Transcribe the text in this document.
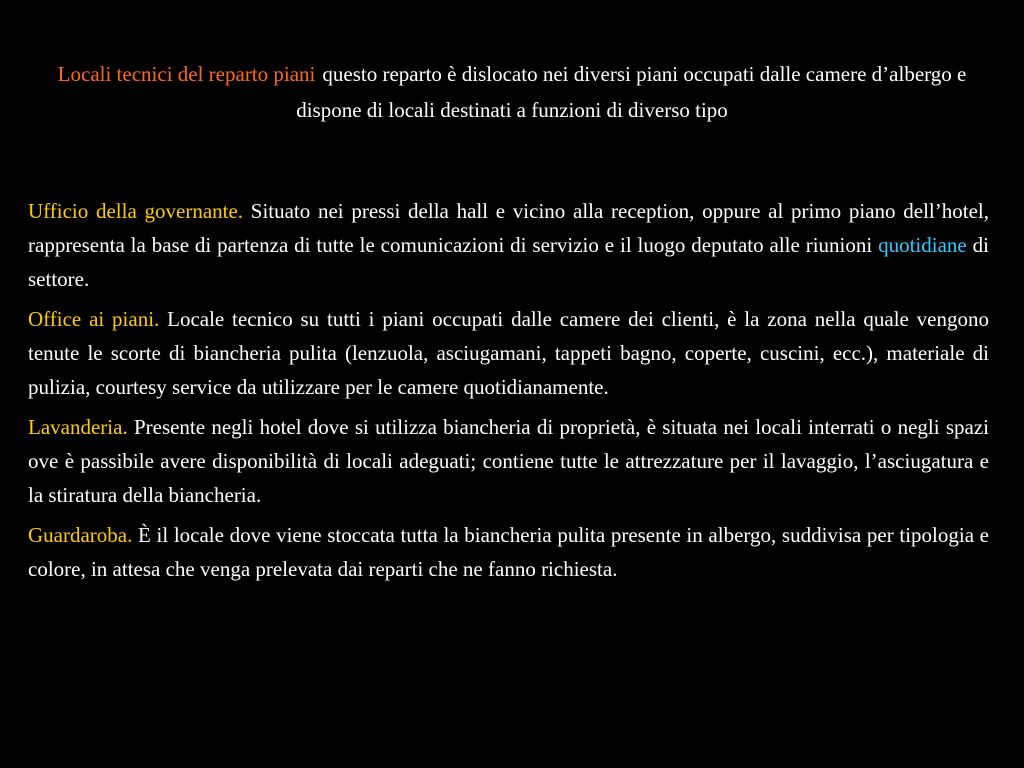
Locali tecnici del reparto piani questo reparto è dislocato nei diversi piani occupati dalle camere d’albergo e dispone di locali destinati a funzioni di diverso tipo

Ufficio della governante. Situato nei pressi della hall e vicino alla reception, oppure al primo piano dell’hotel, rappresenta la base di partenza di tutte le comunicazioni di servizio e il luogo deputato alle riunioni quotidiane di settore.

Office ai piani. Locale tecnico su tutti i piani occupati dalle camere dei clienti, è la zona nella quale vengono tenute le scorte di biancheria pulita (lenzuola, asciugamani, tappeti bagno, coperte, cuscini, ecc.), materiale di pulizia, courtesy service da utilizzare per le camere quotidianamente.

Lavanderia. Presente negli hotel dove si utilizza biancheria di proprietà, è situata nei locali interrati o negli spazi ove è passibile avere disponibilità di locali adeguati; contiene tutte le attrezzature per il lavaggio, l’asciugatura e la stiratura della biancheria.

Guardaroba. È il locale dove viene stoccata tutta la biancheria pulita presente in albergo, suddivisa per tipologia e colore, in attesa che venga prelevata dai reparti che ne fanno richiesta.
